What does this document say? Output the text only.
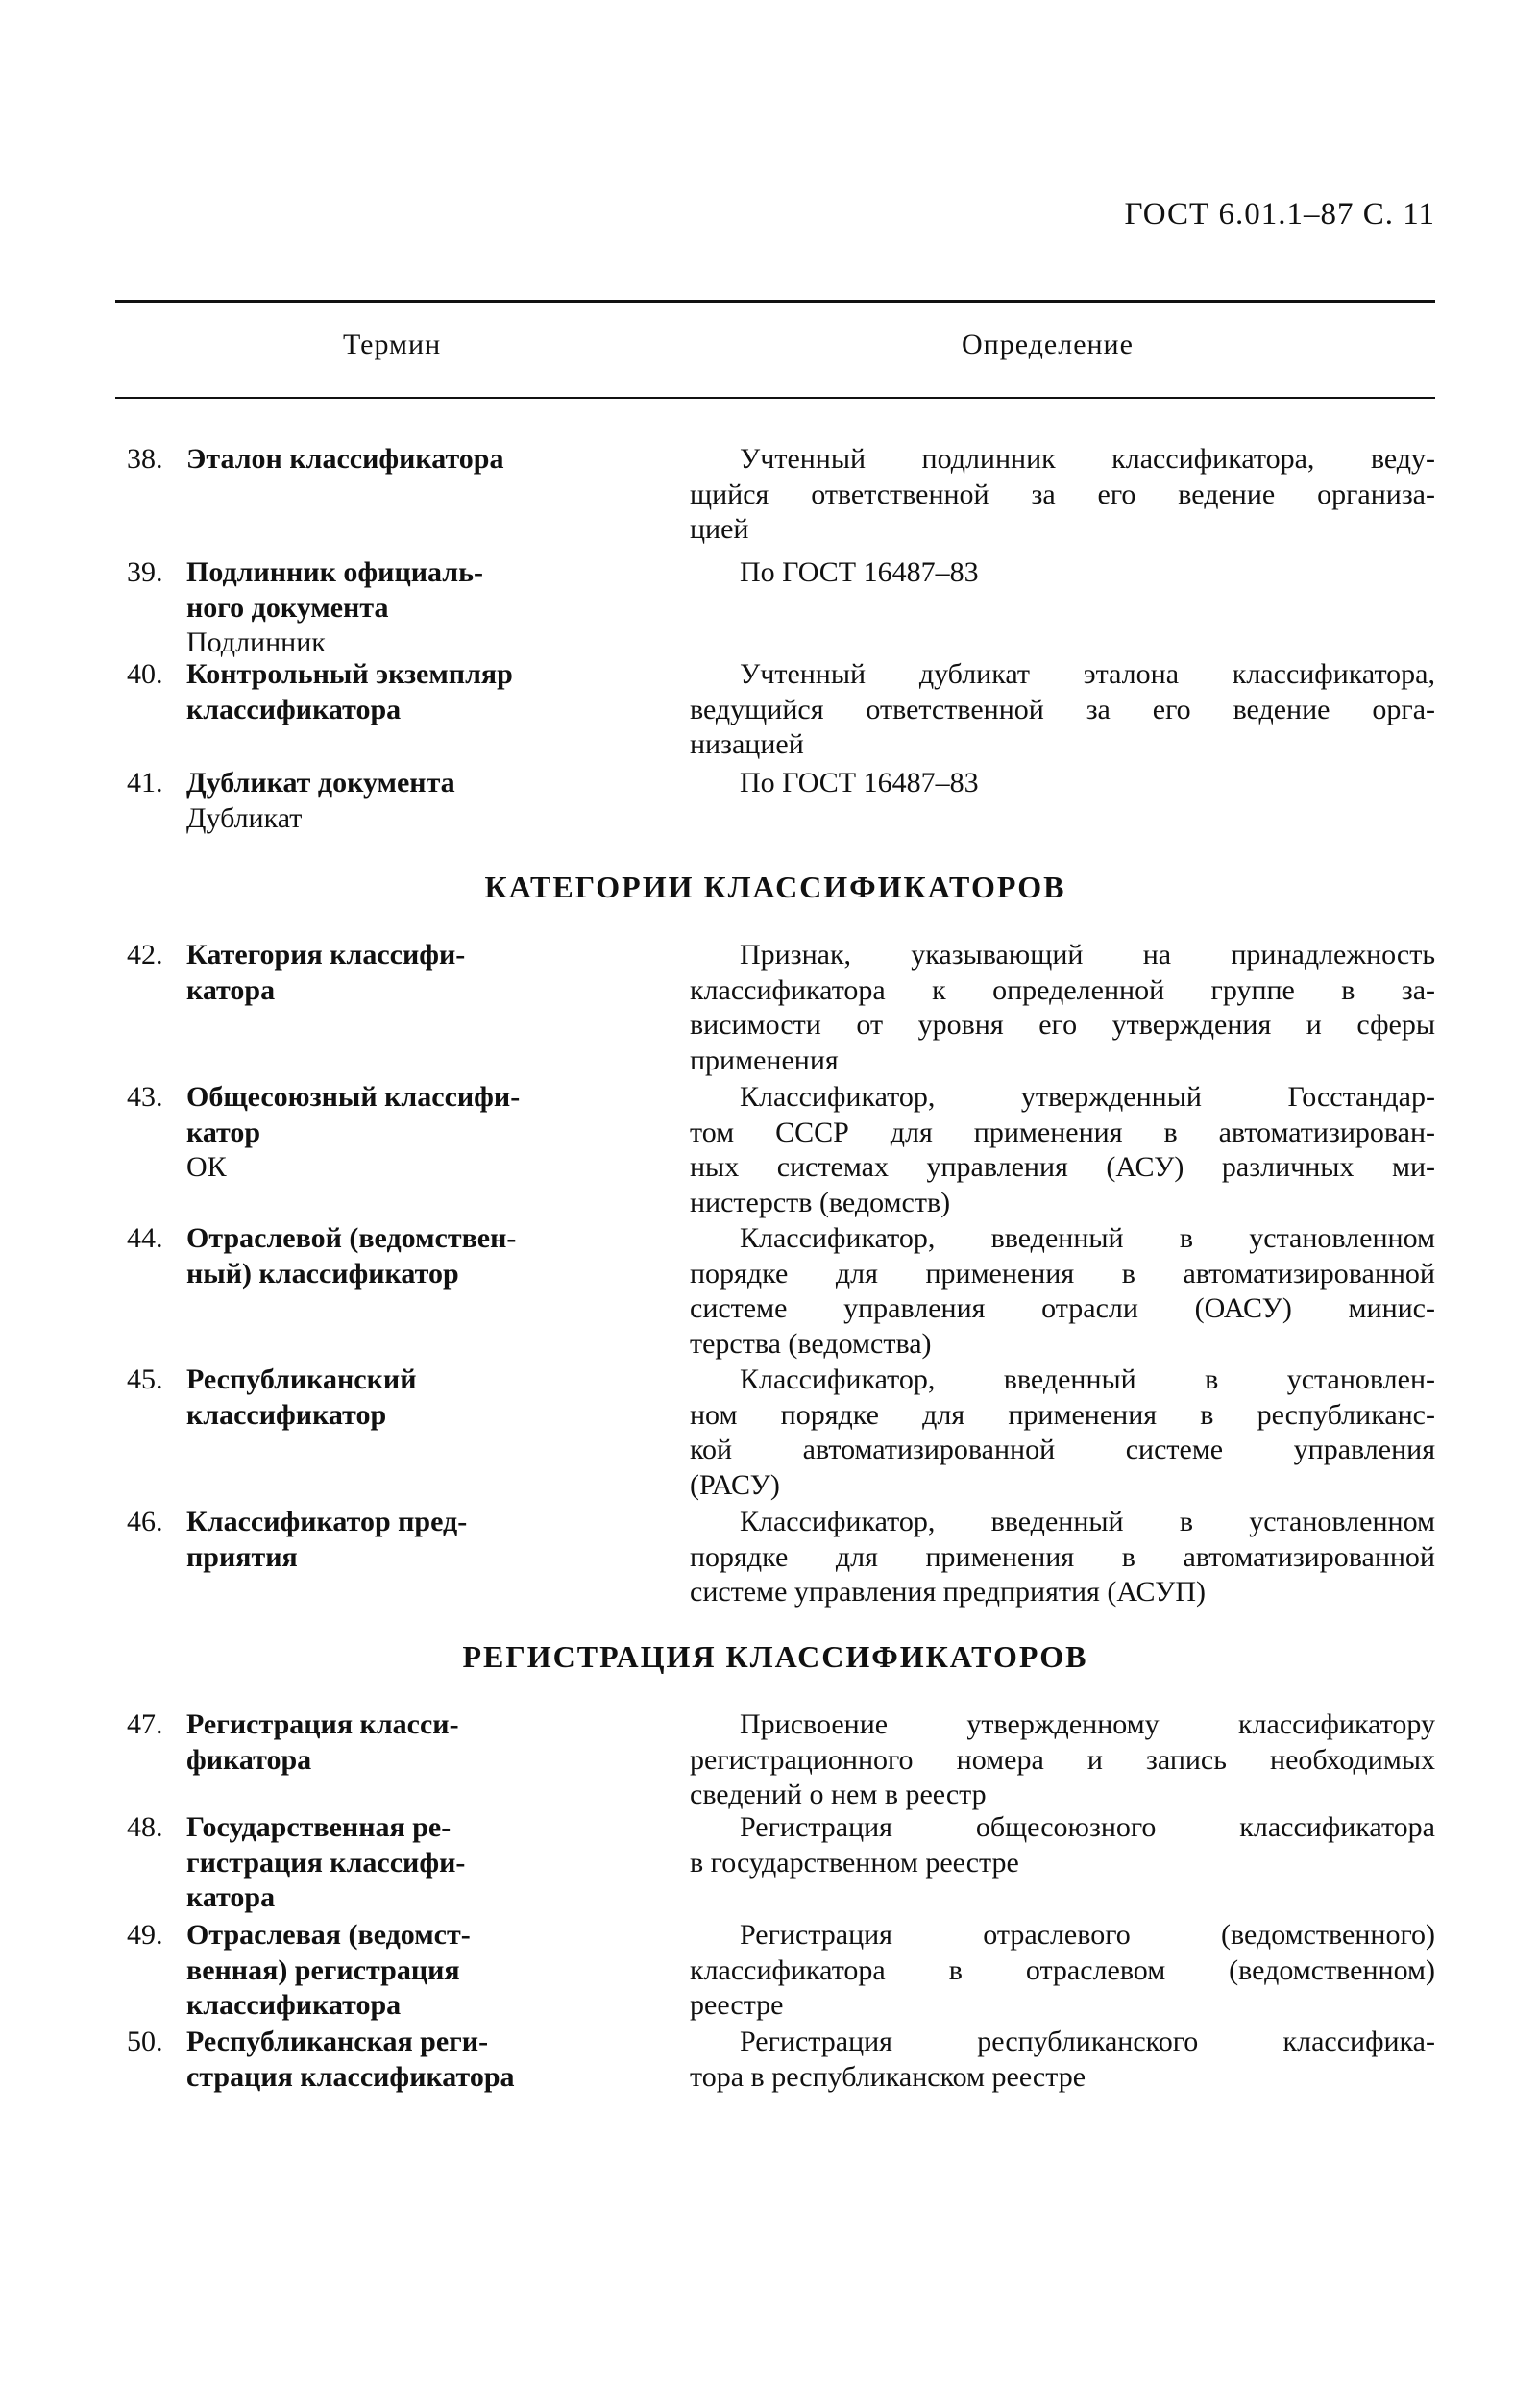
ГОСТ 6.01.1–87 С. 11
Термин	Определение
38. Эталон классификатора	Учтенный подлинник классификатора, веду-
щийся ответственной за его ведение организа-
цией
39. Подлинник официаль-
ного документа
Подлинник
По ГОСТ 16487–83
40. Контрольный экземпляр
классификатора
Учтенный дубликат эталона классификатора,
ведущийся ответственной за его ведение орга-
низацией
41. Дубликат документа
Дубликат
По ГОСТ 16487–83
КАТЕГОРИИ КЛАССИФИКАТОРОВ
42. Категория классифи-
катора
Признак, указывающий на принадлежность
классификатора к определенной группе в за-
висимости от уровня его утверждения и сферы
применения
43. Общесоюзный классифи-
катор
ОК
Классификатор, утвержденный Госстандар-
том СССР для применения в автоматизирован-
ных системах управления (АСУ) различных ми-
нистерств (ведомств)
44. Отраслевой (ведомствен-
ный) классификатор
Классификатор, введенный в установленном
порядке для применения в автоматизированной
системе управления отрасли (ОАСУ) минис-
терства (ведомства)
45. Республиканский
классификатор
Классификатор, введенный в установлен-
ном порядке для применения в республиканс-
кой автоматизированной системе управления
(РАСУ)
46. Классификатор пред-
приятия
Классификатор, введенный в установленном
порядке для применения в автоматизированной
системе управления предприятия (АСУП)
РЕГИСТРАЦИЯ КЛАССИФИКАТОРОВ
47. Регистрация класси-
фикатора
Присвоение утвержденному классификатору
регистрационного номера и запись необходимых
сведений о нем в реестр
48. Государственная ре-
гистрация классифи-
катора
Регистрация общесоюзного классификатора
в государственном реестре
49. Отраслевая (ведомст-
венная) регистрация
классификатора
Регистрация отраслевого (ведомственного)
классификатора в отраслевом (ведомственном)
реестре
50. Республиканская реги-
страция классификатора
Регистрация республиканского классифика-
тора в республиканском реестре
